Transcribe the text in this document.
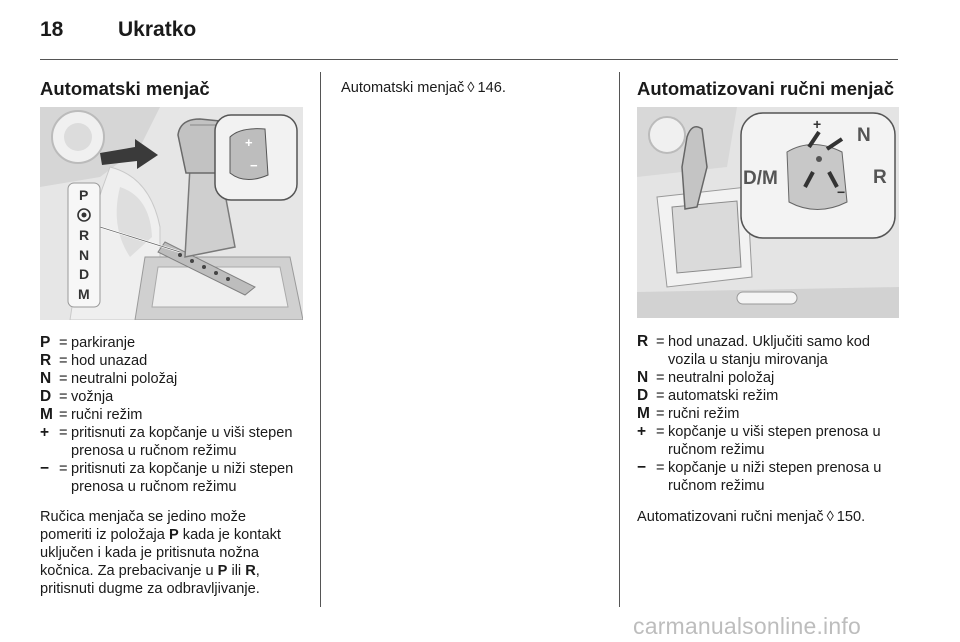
18	Ukratko
Automatski menjač
+
−
P
R
N
D
M
P = parkiranje
R = hod unazad
N = neutralni položaj
D = vožnja
M = ručni režim
+ = pritisnuti za kopčanje u viši stepen prenosa u ručnom režimu
− = pritisnuti za kopčanje u niži stepen prenosa u ručnom režimu
Ručica menjača se jedino može
pomeriti iz položaja P kada je kontakt
uključen i kada je pritisnuta nožna
kočnica. Za prebacivanje u P ili R,
pritisnuti dugme za odbravljivanje.
Automatski menjač ◊ 146.	Automatizovani ručni menjač
D/M
N
R
+
−
R = hod unazad. Uključiti samo kod vozila u stanju mirovanja
N = neutralni položaj
D = automatski režim
M = ručni režim
+ = kopčanje u viši stepen prenosa u ručnom režimu
− = kopčanje u niži stepen prenosa u ručnom režimu
Automatizovani ručni menjač ◊ 150.
carmanualsonline.info
